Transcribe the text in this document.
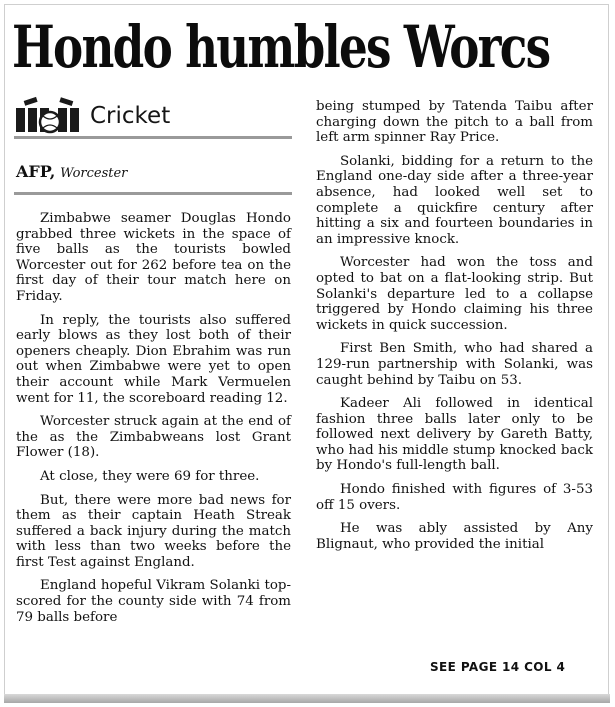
Hondo humbles Worcs
Cricket
AFP, Worcester

Zimbabwe seamer Douglas Hondo grabbed three wickets in the space of five balls as the tourists bowled Worcester out for 262 before tea on the first day of their tour match here on Friday.

In reply, the tourists also suffered early blows as they lost both of their openers cheaply. Dion Ebrahim was run out when Zimbabwe were yet to open their account while Mark Vermuelen went for 11, the scoreboard reading 12.

Worcester struck again at the end of the as the Zimbabweans lost Grant Flower (18).

At close, they were 69 for three.

But, there were more bad news for them as their captain Heath Streak suffered a back injury during the match with less than two weeks before the first Test against England.

England hopeful Vikram Solanki top-scored for the county side with 74 from 79 balls before

being stumped by Tatenda Taibu after charging down the pitch to a ball from left arm spinner Ray Price.

Solanki, bidding for a return to the England one-day side after a three-year absence, had looked well set to complete a quickfire century after hitting a six and fourteen boundaries in an impressive knock.

Worcester had won the toss and opted to bat on a flat-looking strip. But Solanki's departure led to a collapse triggered by Hondo claiming his three wickets in quick succession.

First Ben Smith, who had shared a 129-run partnership with Solanki, was caught behind by Taibu on 53.

Kadeer Ali followed in identical fashion three balls later only to be followed next delivery by Gareth Batty, who had his middle stump knocked back by Hondo's full-length ball.

Hondo finished with figures of 3-53 off 15 overs.

He was ably assisted by Any Blignaut, who provided the initial

SEE PAGE 14 COL 4
